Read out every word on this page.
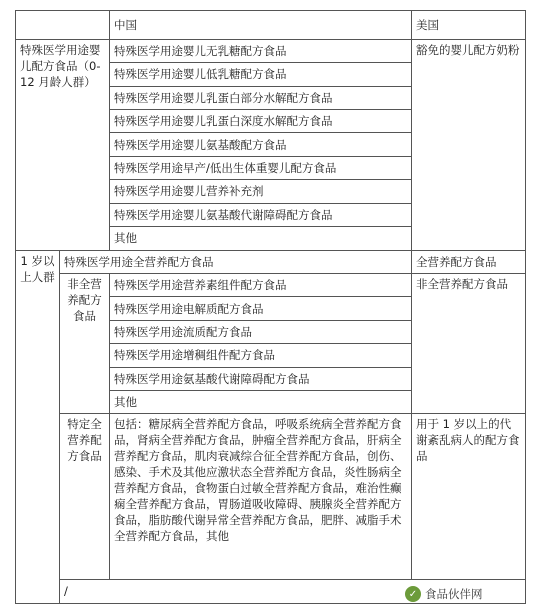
		中国	美国
特殊医学用途婴儿配方食品（0-12 月龄人群）		特殊医学用途婴儿无乳糖配方食品	豁免的婴儿配方奶粉
		特殊医学用途婴儿低乳糖配方食品	
		特殊医学用途婴儿乳蛋白部分水解配方食品	
		特殊医学用途婴儿乳蛋白深度水解配方食品	
		特殊医学用途婴儿氨基酸配方食品	
		特殊医学用途早产/低出生体重婴儿配方食品	
		特殊医学用途婴儿营养补充剂	
		特殊医学用途婴儿氨基酸代谢障碍配方食品	
		其他	
1 岁以上人群	特殊医学用途全营养配方食品		全营养配方食品
	非全营养配方食品	特殊医学用途营养素组件配方食品	非全营养配方食品
		特殊医学用途电解质配方食品	
		特殊医学用途流质配方食品	
		特殊医学用途增稠组件配方食品	
		特殊医学用途氨基酸代谢障碍配方食品	
		其他	
	特定全营养配方食品	包括：糖尿病全营养配方食品，呼吸系统病全营养配方食品，肾病全营养配方食品，肿瘤全营养配方食品，肝病全营养配方食品，肌肉衰减综合征全营养配方食品，创伤、感染、手术及其他应激状态全营养配方食品，炎性肠病全营养配方食品，食物蛋白过敏全营养配方食品，难治性癫痫全营养配方食品，胃肠道吸收障碍、胰腺炎全营养配方食品，脂肪酸代谢异常全营养配方食品，肥胖、减脂手术全营养配方食品，其他	用于 1 岁以上的代谢紊乱病人的配方食品
	/			✓ 食品伙伴网
